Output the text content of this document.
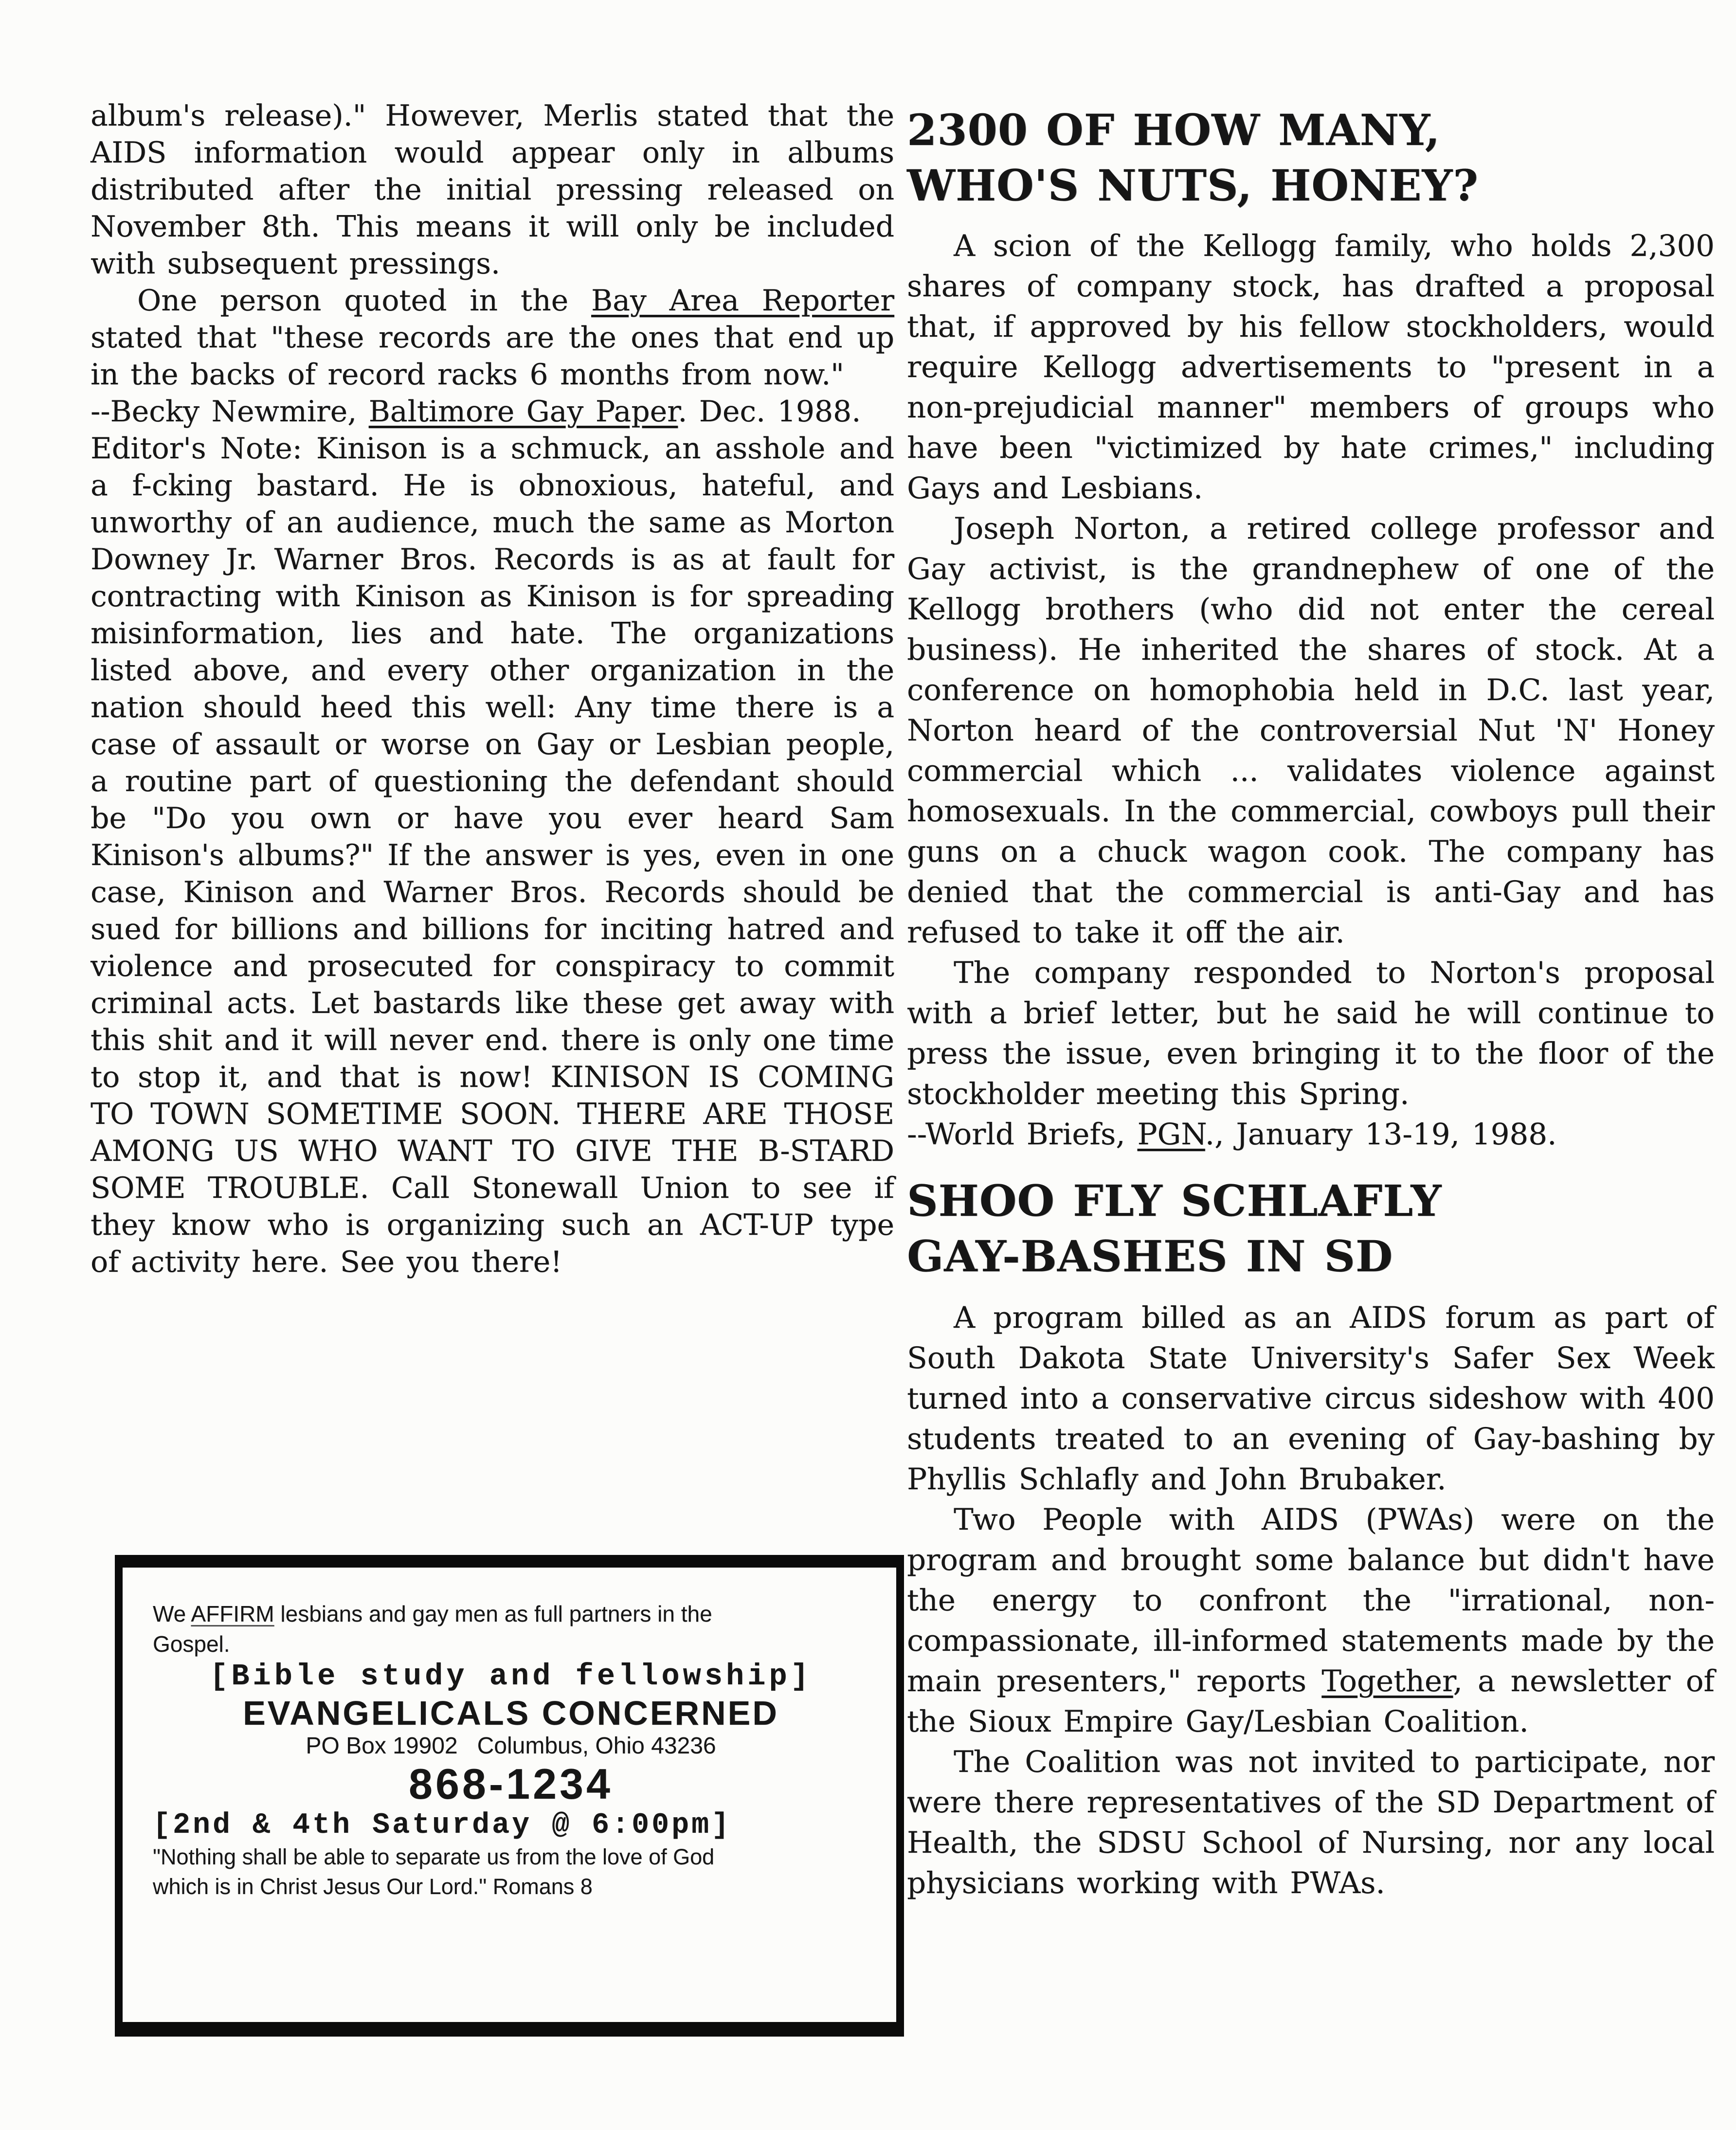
album's release)." However, Merlis stated that the AIDS information would appear only in albums distributed after the initial pressing released on November 8th. This means it will only be included with subsequent pressings.

One person quoted in the Bay Area Reporter stated that "these records are the ones that end up in the backs of record racks 6 months from now."

--Becky Newmire, Baltimore Gay Paper. Dec. 1988.

Editor's Note: Kinison is a schmuck, an asshole and a f-cking bastard. He is obnoxious, hateful, and unworthy of an audience, much the same as Morton Downey Jr. Warner Bros. Records is as at fault for contracting with Kinison as Kinison is for spreading misinformation, lies and hate. The organizations listed above, and every other organization in the nation should heed this well: Any time there is a case of assault or worse on Gay or Lesbian people, a routine part of questioning the defendant should be "Do you own or have you ever heard Sam Kinison's albums?" If the answer is yes, even in one case, Kinison and Warner Bros. Records should be sued for billions and billions for inciting hatred and violence and prosecuted for conspiracy to commit criminal acts. Let bastards like these get away with this shit and it will never end. there is only one time to stop it, and that is now! KINISON IS COMING TO TOWN SOMETIME SOON. THERE ARE THOSE AMONG US WHO WANT TO GIVE THE B-STARD SOME TROUBLE. Call Stonewall Union to see if they know who is organizing such an ACT-UP type of activity here. See you there!

We AFFIRM lesbians and gay men as full partners in the
Gospel.

[Bible study and fellowship]

EVANGELICALS CONCERNED

PO Box 19902   Columbus, Ohio 43236

868-1234

[2nd & 4th Saturday @ 6:00pm]

"Nothing shall be able to separate us from the love of God
which is in Christ Jesus Our Lord." Romans 8

2300 OF HOW MANY,
WHO'S NUTS, HONEY?

A scion of the Kellogg family, who holds 2,300 shares of company stock, has drafted a proposal that, if approved by his fellow stockholders, would require Kellogg advertisements to "present in a non-prejudicial manner" members of groups who have been "victimized by hate crimes," including Gays and Lesbians.

Joseph Norton, a retired college professor and Gay activist, is the grandnephew of one of the Kellogg brothers (who did not enter the cereal business). He inherited the shares of stock. At a conference on homophobia held in D.C. last year, Norton heard of the controversial Nut 'N' Honey commercial which ... validates violence against homosexuals. In the commercial, cowboys pull their guns on a chuck wagon cook. The company has denied that the commercial is anti-Gay and has refused to take it off the air.

The company responded to Norton's proposal with a brief letter, but he said he will continue to press the issue, even bringing it to the floor of the stockholder meeting this Spring.

--World Briefs, PGN., January 13-19, 1988.

SHOO FLY SCHLAFLY
GAY-BASHES IN SD

A program billed as an AIDS forum as part of South Dakota State University's Safer Sex Week turned into a conservative circus sideshow with 400 students treated to an evening of Gay-bashing by Phyllis Schlafly and John Brubaker.

Two People with AIDS (PWAs) were on the program and brought some balance but didn't have the energy to confront the "irrational, non-compassionate, ill-informed statements made by the main presenters," reports Together, a newsletter of the Sioux Empire Gay/Lesbian Coalition.

The Coalition was not invited to participate, nor were there representatives of the SD Department of Health, the SDSU School of Nursing, nor any local physicians working with PWAs.
